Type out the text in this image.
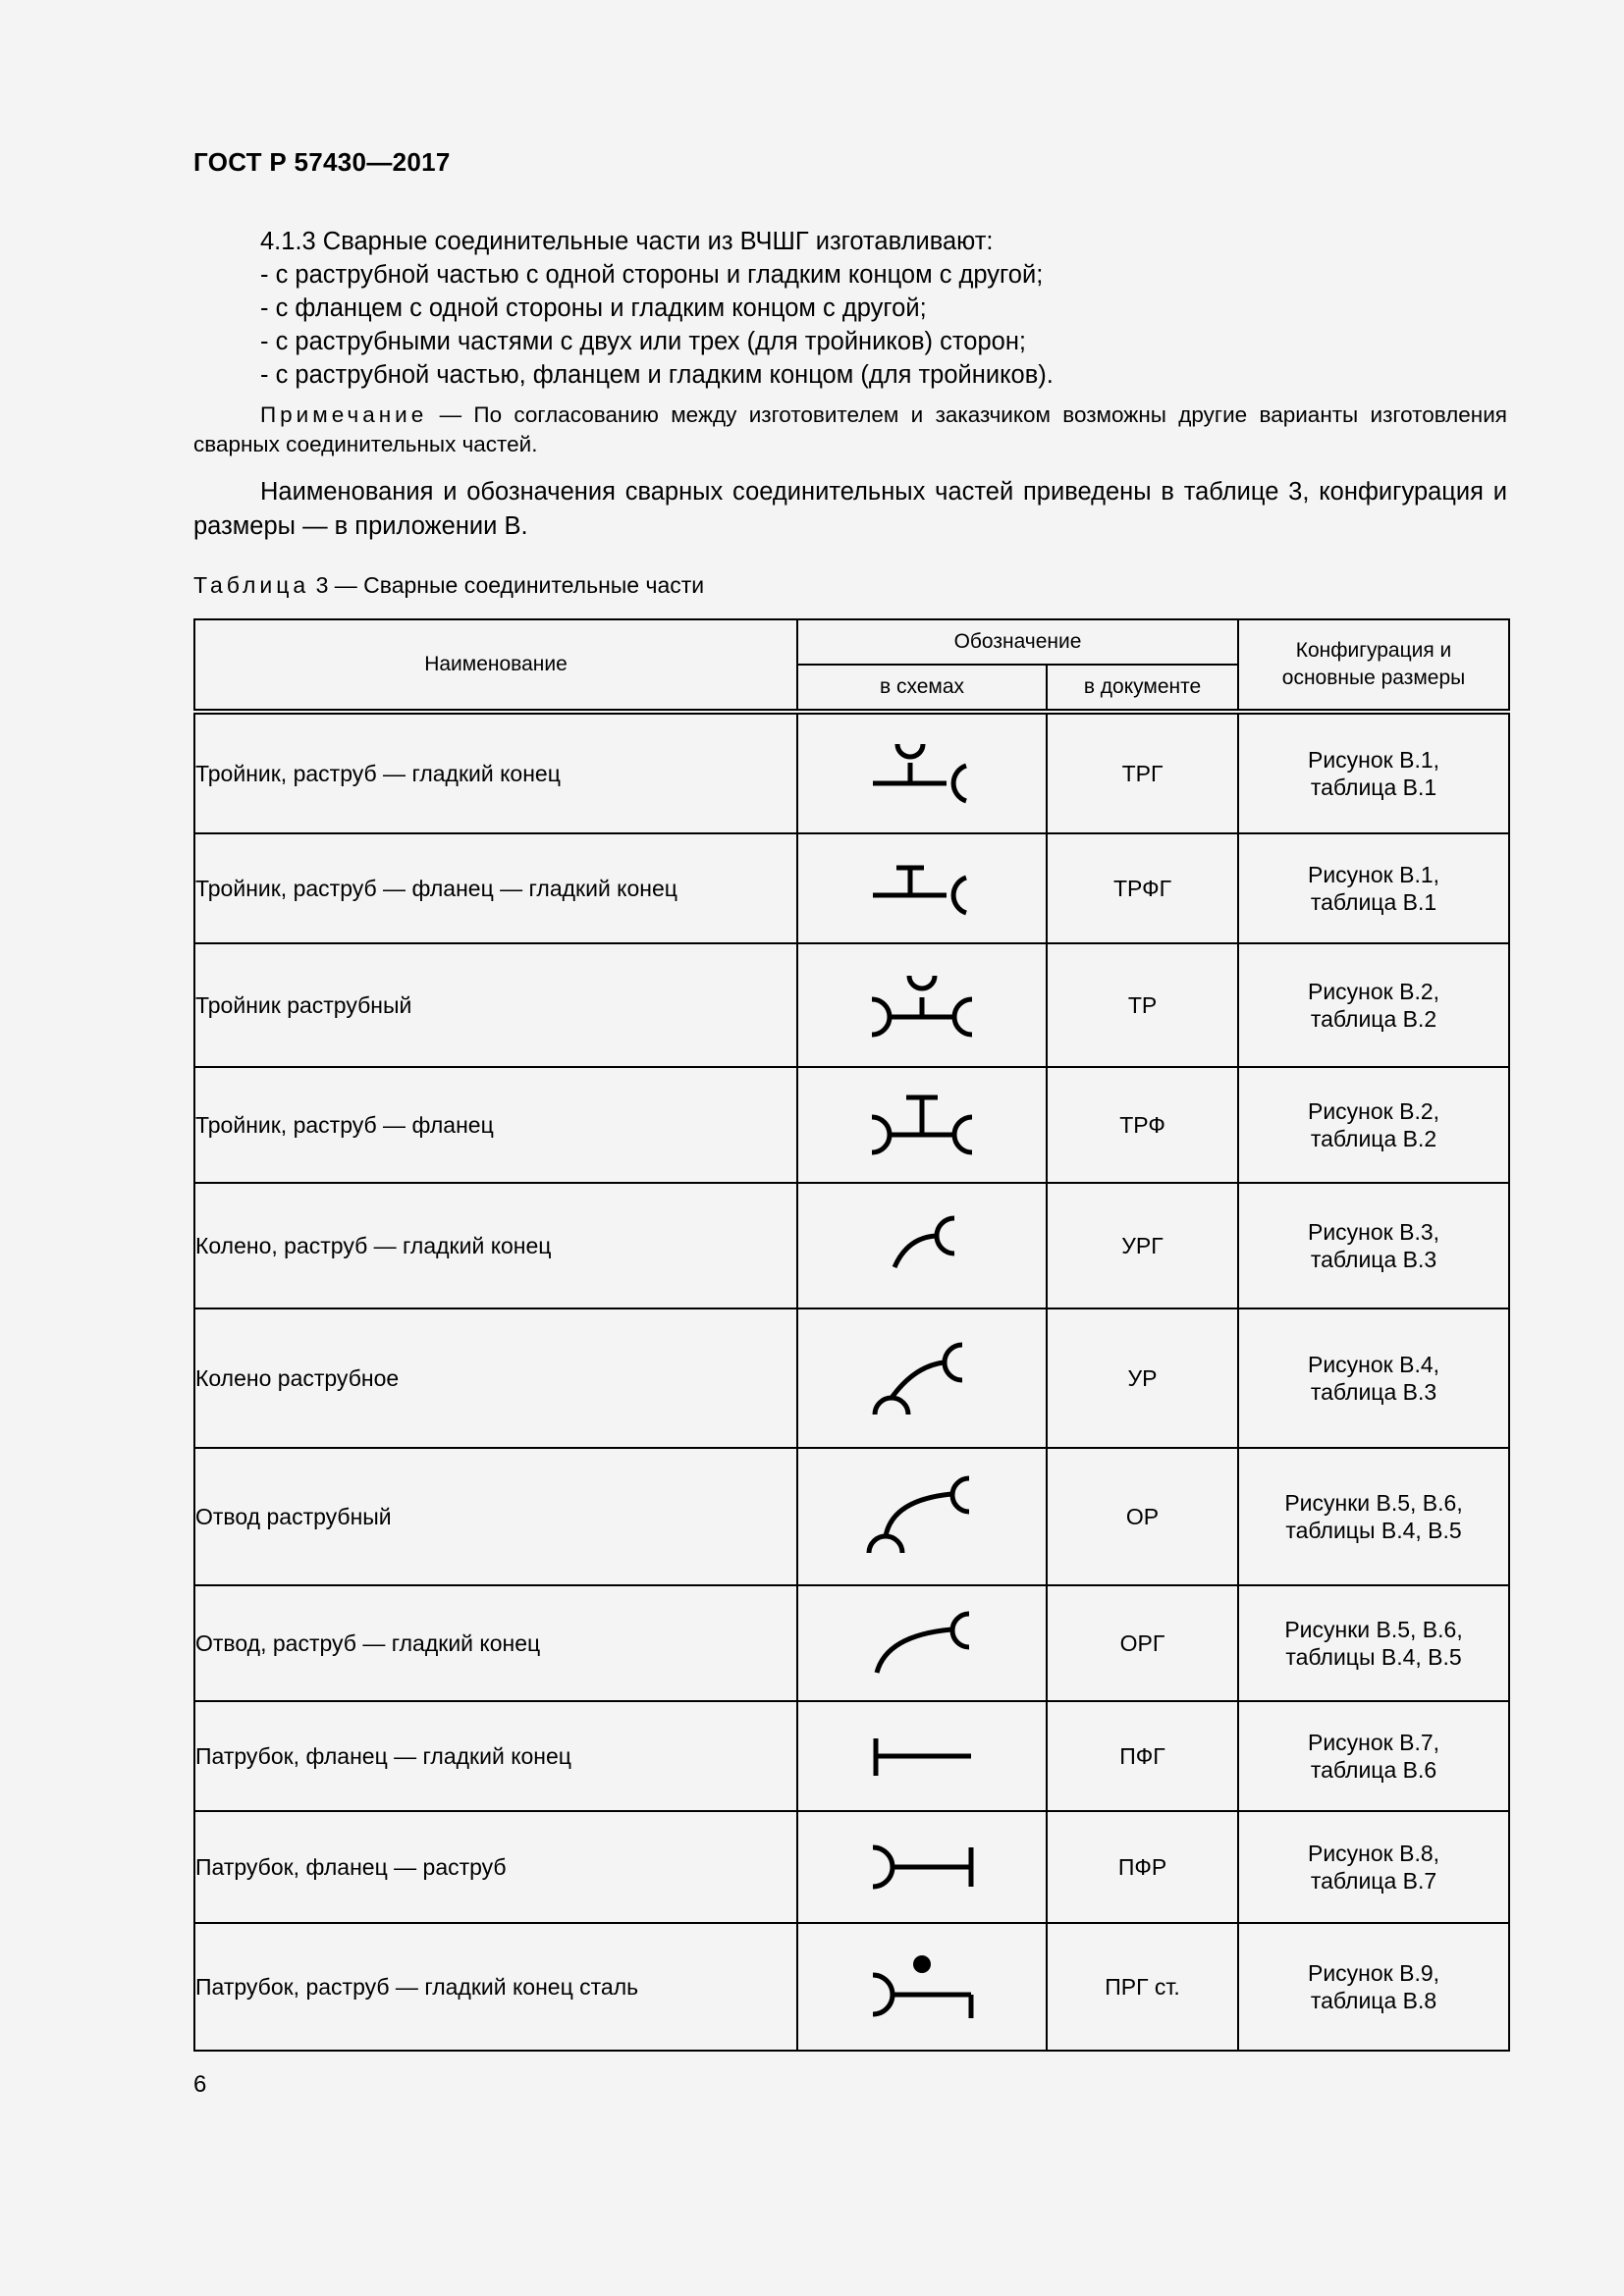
ГОСТ Р 57430—2017
4.1.3 Сварные соединительные части из ВЧШГ изготавливают:
- с раструбной частью с одной стороны и гладким концом с другой;
- с фланцем с одной стороны и гладким концом с другой;
- с раструбными частями с двух или трех (для тройников) сторон;
- с раструбной частью, фланцем и гладким концом (для тройников).
Примечание — По согласованию между изготовителем и заказчиком возможны другие варианты изготовления сварных соединительных частей.
Наименования и обозначения сварных соединительных частей приведены в таблице 3, конфигурация и размеры — в приложении В.
Таблица 3 — Сварные соединительные части
Наименование	Обозначение		Конфигурация и основные размеры
	в схемах	в документе	
Тройник, раструб — гладкий конец		ТРГ	Рисунок В.1,
таблица В.1

Тройник, раструб — фланец — гладкий конец		ТРФГ	Рисунок В.1,
таблица В.1

Тройник раструбный		ТР	Рисунок В.2,
таблица В.2

Тройник, раструб — фланец		ТРФ	Рисунок В.2,
таблица В.2

Колено, раструб — гладкий конец		УРГ	Рисунок В.3,
таблица В.3

Колено раструбное		УР	Рисунок В.4,
таблица В.3

Отвод раструбный		ОР	Рисунки В.5, В.6,
таблицы В.4, В.5

Отвод, раструб — гладкий конец		ОРГ	Рисунки В.5, В.6,
таблицы В.4, В.5

Патрубок, фланец — гладкий конец		ПФГ	Рисунок В.7,
таблица В.6

Патрубок, фланец — раструб		ПФР	Рисунок В.8,
таблица В.7

Патрубок, раструб — гладкий конец сталь		ПРГ ст.	Рисунок В.9,
таблица В.8
6
